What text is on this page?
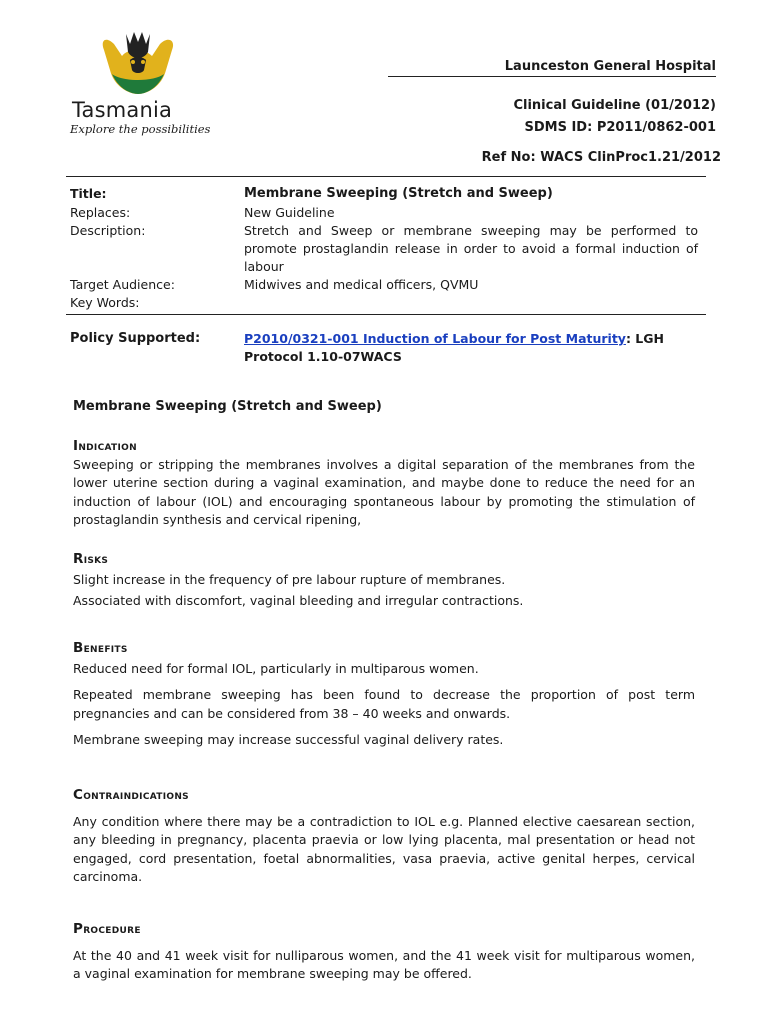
Tasmania
Explore the possibilities
Launceston General Hospital
Clinical Guideline (01/2012)
SDMS ID: P2011/0862-001
Ref No: WACS ClinProc1.21/2012
Title:	Membrane Sweeping (Stretch and Sweep)
Replaces:	New Guideline
Description:	Stretch and Sweep or membrane sweeping may be performed to promote prostaglandin release in order to avoid a formal induction of labour
Target Audience:	Midwives and medical officers, QVMU
Key Words:
Policy Supported:	P2010/0321-001 Induction of Labour for Post Maturity: LGH
Protocol 1.10-07WACS
Membrane Sweeping (Stretch and Sweep)
Indication

Sweeping or stripping the membranes involves a digital separation of the membranes from the lower uterine section during a vaginal examination, and maybe done to reduce the need for an induction of labour (IOL) and encouraging spontaneous labour by promoting the stimulation of prostaglandin synthesis and cervical ripening,

Risks

Slight increase in the frequency of pre labour rupture of membranes.

Associated with discomfort, vaginal bleeding and irregular contractions.

Benefits

Reduced need for formal IOL, particularly in multiparous women.

Repeated membrane sweeping has been found to decrease the proportion of post term pregnancies and can be considered from 38 – 40 weeks and onwards.

Membrane sweeping may increase successful vaginal delivery rates.

Contraindications

Any condition where there may be a contradiction to IOL e.g. Planned elective caesarean section, any bleeding in pregnancy, placenta praevia or low lying placenta, mal presentation or head not engaged, cord presentation, foetal abnormalities, vasa praevia, active genital herpes, cervical carcinoma.

Procedure

At the 40 and 41 week visit for nulliparous women, and the 41 week visit for multiparous women, a vaginal examination for membrane sweeping may be offered.
